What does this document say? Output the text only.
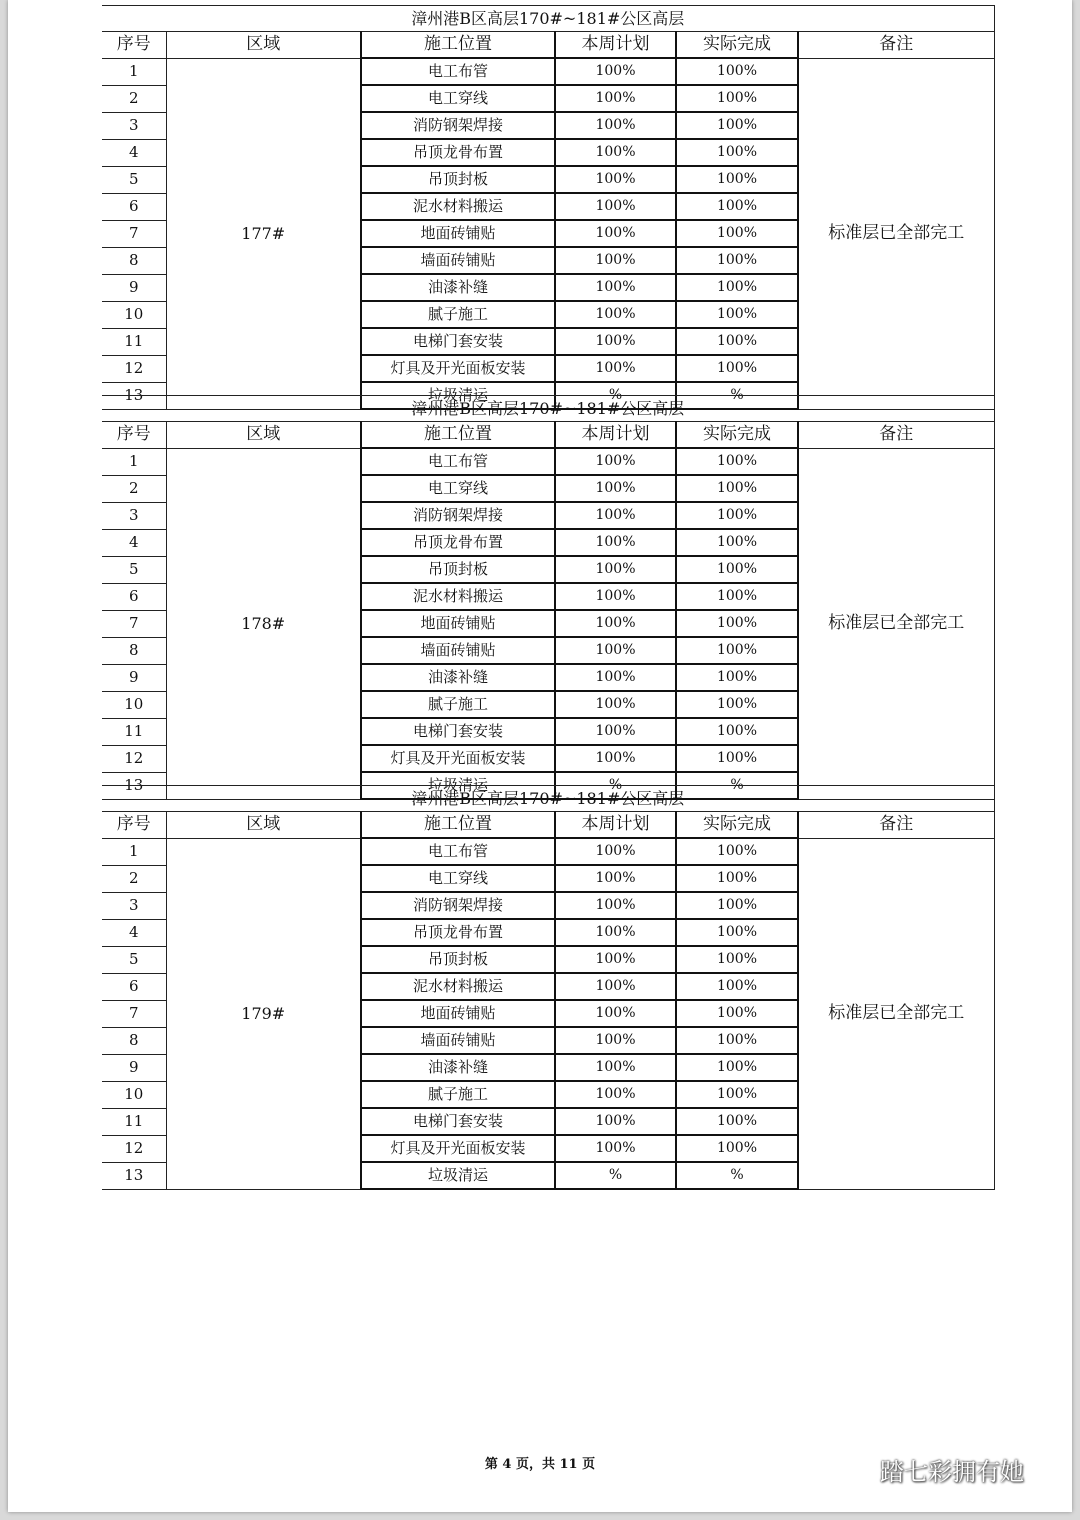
漳州港B区高层170#~181#公区高层					
序号	区域	施工位置	本周计划	实际完成	备注
1	177#	电工布管	100%	100%	标准层已全部完工
2		电工穿线	100%	100%	
3		消防钢架焊接	100%	100%	
4		吊顶龙骨布置	100%	100%	
5		吊顶封板	100%	100%	
6		泥水材料搬运	100%	100%	
7		地面砖铺贴	100%	100%	
8		墙面砖铺贴	100%	100%	
9		油漆补缝	100%	100%	
10		腻子施工	100%	100%	
11		电梯门套安装	100%	100%	
12		灯具及开光面板安装	100%	100%	
13		垃圾清运	%	%	
漳州港B区高层170#~181#公区高层					
序号	区域	施工位置	本周计划	实际完成	备注
1	178#	电工布管	100%	100%	标准层已全部完工
2		电工穿线	100%	100%	
3		消防钢架焊接	100%	100%	
4		吊顶龙骨布置	100%	100%	
5		吊顶封板	100%	100%	
6		泥水材料搬运	100%	100%	
7		地面砖铺贴	100%	100%	
8		墙面砖铺贴	100%	100%	
9		油漆补缝	100%	100%	
10		腻子施工	100%	100%	
11		电梯门套安装	100%	100%	
12		灯具及开光面板安装	100%	100%	
13		垃圾清运	%	%	
漳州港B区高层170#~181#公区高层					
序号	区域	施工位置	本周计划	实际完成	备注
1	179#	电工布管	100%	100%	标准层已全部完工
2		电工穿线	100%	100%	
3		消防钢架焊接	100%	100%	
4		吊顶龙骨布置	100%	100%	
5		吊顶封板	100%	100%	
6		泥水材料搬运	100%	100%	
7		地面砖铺贴	100%	100%	
8		墙面砖铺贴	100%	100%	
9		油漆补缝	100%	100%	
10		腻子施工	100%	100%	
11		电梯门套安装	100%	100%	
12		灯具及开光面板安装	100%	100%	
13		垃圾清运	%	%	
第 4 页，共 11 页	踏七彩拥有她
